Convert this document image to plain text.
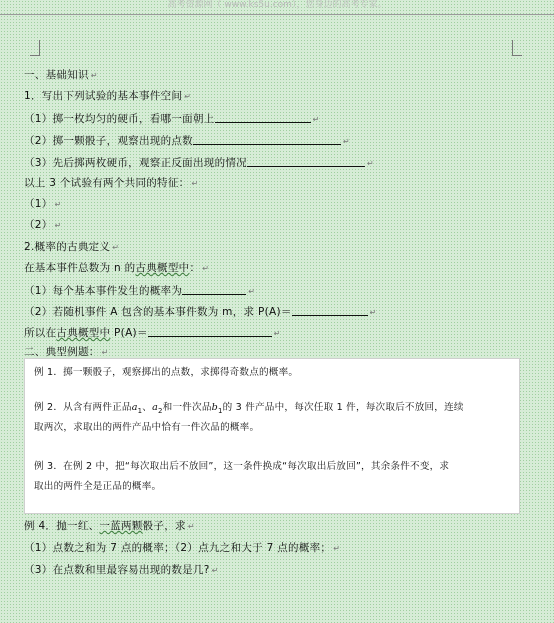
高考资源网（ www.ks5u.com），您身边的高考专家。
一、基础知识 ↵
1．写出下列试验的基本事件空间 ↵
（1）掷一枚均匀的硬币，看哪一面朝上	↵
（2）掷一颗骰子，观察出现的点数	↵
（3）先后掷两枚硬币，观察正反面出现的情况	↵
以上 3 个试验有两个共同的特征： ↵
（1） ↵
（2） ↵
2.概率的古典定义 ↵
在基本事件总数为 n 的古典概型中： ↵
（1）每个基本事件发生的概率为	↵
（2）若随机事件 A 包含的基本事件数为 m，求 P(A)＝	↵
所以在古典概型中 P(A)＝	↵
二、典型例题： ↵
例 1．掷一颗骰子，观察掷出的点数，求掷得奇数点的概率。
例 2．从含有两件正品$a_1$、$a_2$和一件次品$b_1$的 3 件产品中，每次任取 1 件，每次取后不放回，连续
取两次，求取出的两件产品中恰有一件次品的概率。
例 3．在例 2 中，把“每次取出后不放回”，这一条件换成“每次取出后放回”，其余条件不变，求
取出的两件全是正品的概率。
例 4．抛一红、一蓝两颗骰子，求 ↵
（1）点数之和为 7 点的概率；（2）点九之和大于 7 点的概率； ↵
（3）在点数和里最容易出现的数是几? ↵
